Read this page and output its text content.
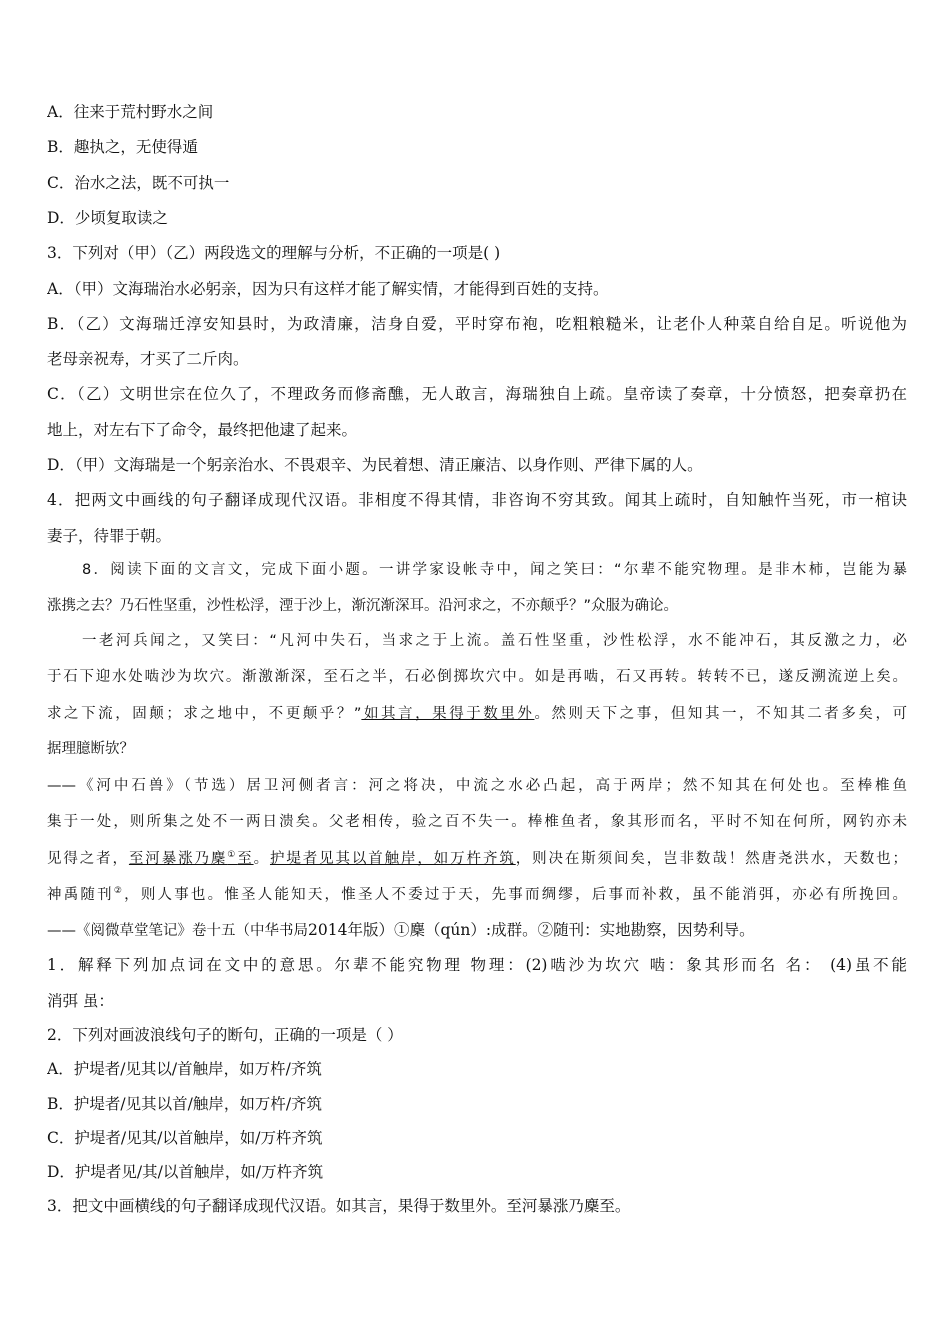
A．往来于荒村野水之间
B．趣执之，无使得遁
C．治水之法，既不可执一
D．少顷复取读之
3．下列对（甲）（乙）两段选文的理解与分析，不正确的一项是( )
A．（甲）文海瑞治水必躬亲，因为只有这样才能了解实情，才能得到百姓的支持。
B．（乙）文海瑞迁淳安知县时，为政清廉，洁身自爱，平时穿布袍，吃粗粮糙米，让老仆人种菜自给自足。听说他为
老母亲祝寿，才买了二斤肉。
C．（乙）文明世宗在位久了，不理政务而修斋醮，无人敢言，海瑞独自上疏。皇帝读了奏章，十分愤怒，把奏章扔在
地上，对左右下了命令，最终把他逮了起来。
D．（甲）文海瑞是一个躬亲治水、不畏艰辛、为民着想、清正廉洁、以身作则、严律下属的人。
4．把两文中画线的句子翻译成现代汉语。非相度不得其情，非咨询不穷其致。闻其上疏时，自知触忤当死，市一棺诀
妻子，待罪于朝。
8．阅读下面的文言文，完成下面小题。一讲学家设帐寺中，闻之笑曰：“尔辈不能究物理。是非木柿，岂能为暴
涨携之去？乃石性坚重，沙性松浮，湮于沙上，渐沉渐深耳。沿河求之，不亦颠乎？”众服为确论。
一老河兵闻之，又笑曰：“凡河中失石，当求之于上流。盖石性坚重，沙性松浮，水不能冲石，其反激之力，必
于石下迎水处啮沙为坎穴。渐激渐深，至石之半，石必倒掷坎穴中。如是再啮，石又再转。转转不已，遂反溯流逆上矣。
求之下流，固颠；求之地中，不更颠乎？”如其言，果得于数里外。然则天下之事，但知其一，不知其二者多矣，可
据理臆断欤？
——《河中石兽》（节选）居卫河侧者言：河之将决，中流之水必凸起，高于两岸；然不知其在何处也。至棒椎鱼
集于一处，则所集之处不一两日溃矣。父老相传，验之百不失一。棒椎鱼者，象其形而名，平时不知在何所，网钓亦未
见得之者，至河暴涨乃麇①至。护堤者见其以首触岸，如万杵齐筑，则决在斯须间矣，岂非数哉！然唐尧洪水，天数也；
神禹随刊②，则人事也。惟圣人能知天，惟圣人不委过于天，先事而绸缪，后事而补救，虽不能消弭，亦必有所挽回。
——《阅微草堂笔记》卷十五（中华书局2014年版）①麇（qún）:成群。②随刊：实地勘察，因势利导。
1．解释下列加点词在文中的意思。尔辈不能究物理 物理：(2)啮沙为坎穴 啮：象其形而名 名： (4)虽不能
消弭 虽：
2．下列对画波浪线句子的断句，正确的一项是（ ）
A．护堤者/见其以/首触岸，如万杵/齐筑
B．护堤者/见其以首/触岸，如万杵/齐筑
C．护堤者/见其/以首触岸，如/万杵齐筑
D．护堤者见/其/以首触岸，如/万杵齐筑
3．把文中画横线的句子翻译成现代汉语。如其言，果得于数里外。至河暴涨乃麇至。
